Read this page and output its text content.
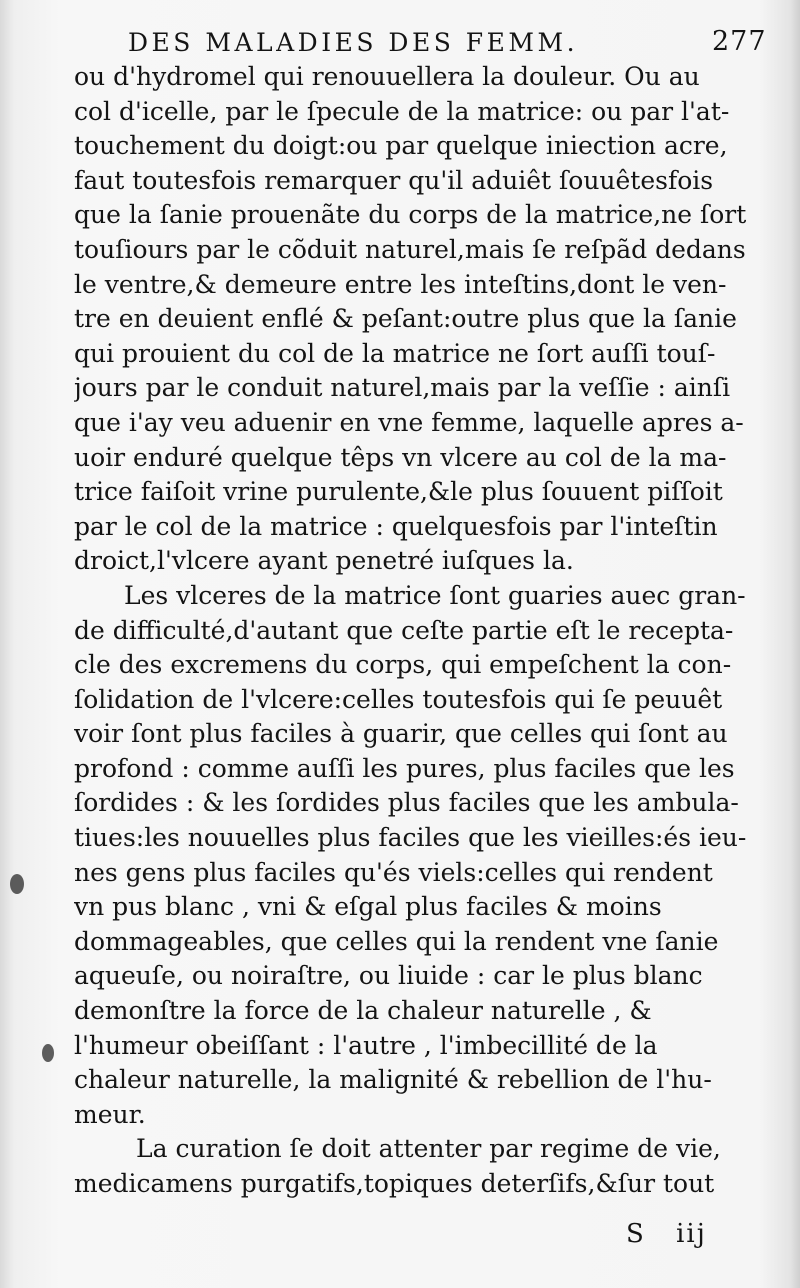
DES MALADIES DES FEMM.	277
ou d'hydromel qui renouuellera la douleur. Ou au
col d'icelle, par le ſpecule de la matrice: ou par l'at-
touchement du doigt:ou par quelque iniection acre,
faut toutesfois remarquer qu'il aduiêt ſouuêtesfois
que la ſanie prouenãte du corps de la matrice,ne ſort
touſiours par le cõduit naturel,mais ſe reſpãd dedans
le ventre,& demeure entre les inteſtins,dont le ven-
tre en deuient enflé & peſant:outre plus que la ſanie
qui prouient du col de la matrice ne ſort auſſi touſ-
jours par le conduit naturel,mais par la veſſie : ainſi
que i'ay veu aduenir en vne femme, laquelle apres a-
uoir enduré quelque têps vn vlcere au col de la ma-
trice faiſoit vrine purulente,&le plus ſouuent piſſoit
par le col de la matrice : quelquesfois par l'inteſtin
droict,l'vlcere ayant penetré iuſques la.
Les vlceres de la matrice ſont guaries auec gran-
de difficulté,d'autant que ceſte partie eſt le recepta-
cle des excremens du corps, qui empeſchent la con-
ſolidation de l'vlcere:celles toutesfois qui ſe peuuêt
voir ſont plus faciles à guarir, que celles qui ſont au
profond : comme auſſi les pures, plus faciles que les
ſordides : & les ſordides plus faciles que les ambula-
tiues:les nouuelles plus faciles que les vieilles:és ieu-
nes gens plus faciles qu'és viels:celles qui rendent
vn pus blanc , vni & eſgal plus faciles & moins
dommageables, que celles qui la rendent vne ſanie
aqueuſe, ou noiraſtre, ou liuide : car le plus blanc
demonſtre la force de la chaleur naturelle , &
l'humeur obeiſſant : l'autre , l'imbecillité de la
chaleur naturelle, la malignité & rebellion de l'hu-
meur.
La curation ſe doit attenter par regime de vie,
medicamens purgatifs,topiques deterſifs,&ſur tout
S iij
